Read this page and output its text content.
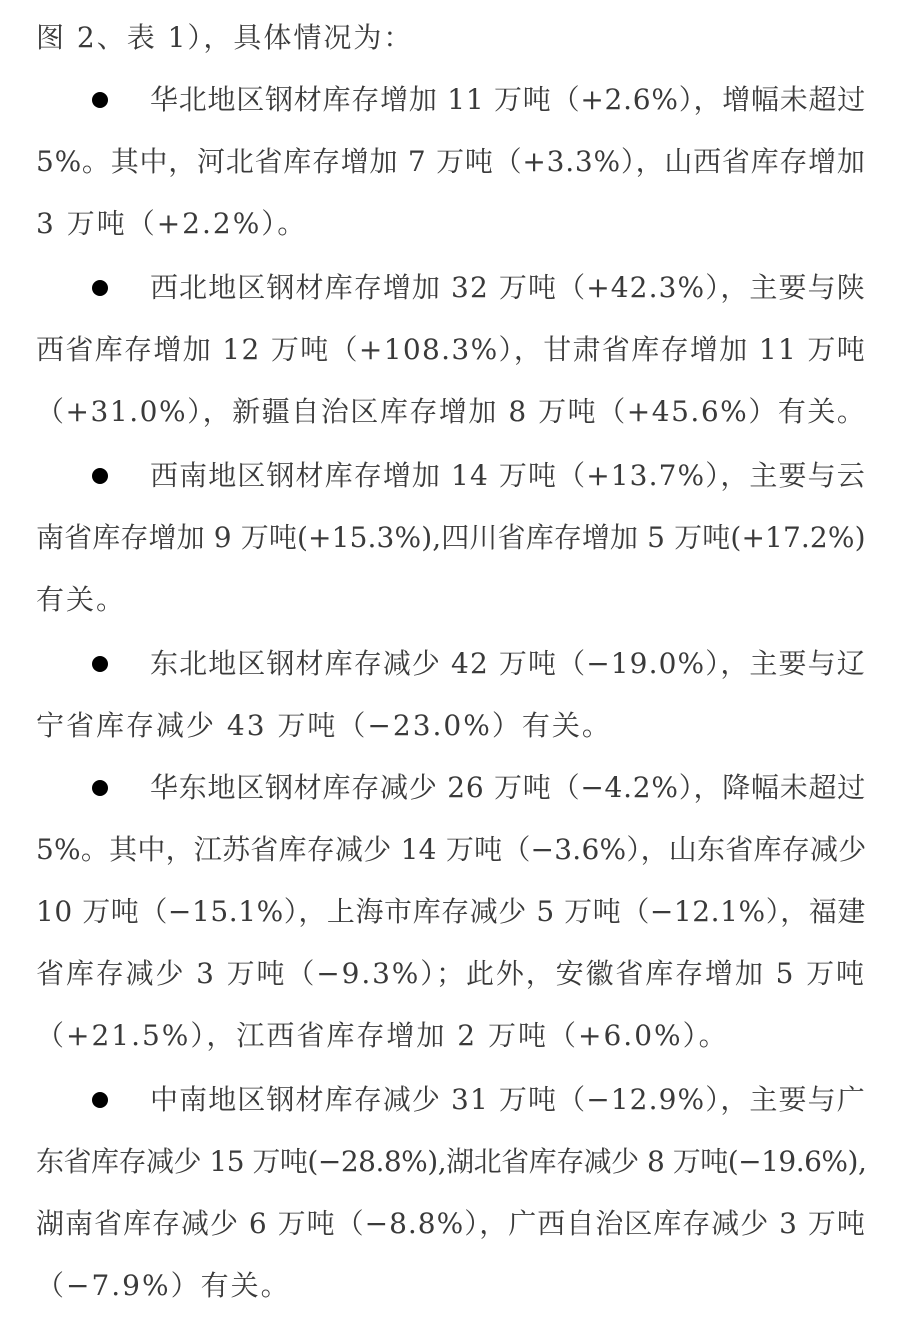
图 2、表 1），具体情况为：
华北地区钢材库存增加 11 万吨（+2.6%），增幅未超过
5%。其中，河北省库存增加 7 万吨（+3.3%），山西省库存增加
3 万吨（+2.2%）。
西北地区钢材库存增加 32 万吨（+42.3%），主要与陕
西省库存增加 12 万吨（+108.3%），甘肃省库存增加 11 万吨
（+31.0%），新疆自治区库存增加 8 万吨（+45.6%）有关。
西南地区钢材库存增加 14 万吨（+13.7%），主要与云
南省库存增加 9 万吨(+15.3%),四川省库存增加 5 万吨(+17.2%)
有关。
东北地区钢材库存减少 42 万吨（−19.0%），主要与辽
宁省库存减少 43 万吨（−23.0%）有关。
华东地区钢材库存减少 26 万吨（−4.2%），降幅未超过
5%。其中，江苏省库存减少 14 万吨（−3.6%），山东省库存减少
10 万吨（−15.1%），上海市库存减少 5 万吨（−12.1%），福建
省库存减少 3 万吨（−9.3%）；此外，安徽省库存增加 5 万吨
（+21.5%），江西省库存增加 2 万吨（+6.0%）。
中南地区钢材库存减少 31 万吨（−12.9%），主要与广
东省库存减少 15 万吨(−28.8%),湖北省库存减少 8 万吨(−19.6%),
湖南省库存减少 6 万吨（−8.8%），广西自治区库存减少 3 万吨
（−7.9%）有关。
